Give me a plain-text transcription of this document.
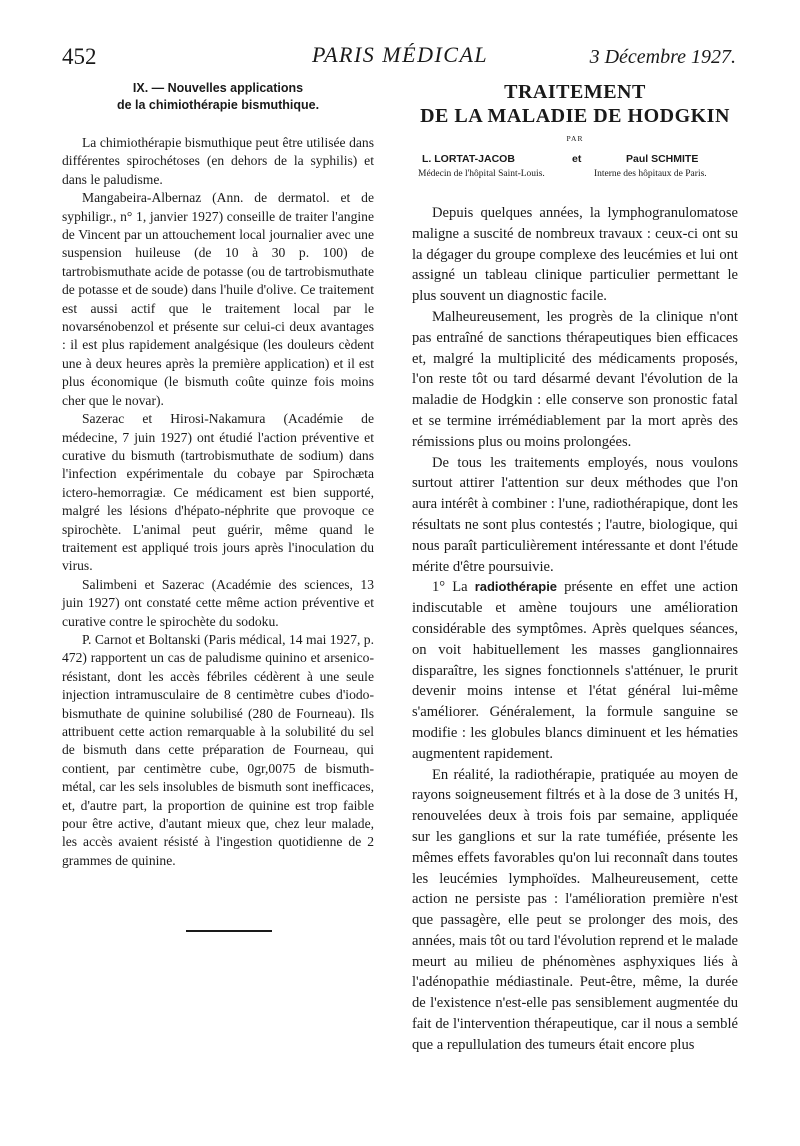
452	PARIS MÉDICAL	3 Décembre 1927.
IX. — Nouvelles applications
de la chimiothérapie bismuthique.

La chimiothérapie bismuthique peut être utilisée dans différentes spirochétoses (en dehors de la syphilis) et dans le paludisme.

Mangabeira-Albernaz (Ann. de dermatol. et de syphiligr., n° 1, janvier 1927) conseille de traiter l'angine de Vincent par un attouchement local journalier avec une suspension huileuse (de 10 à 30 p. 100) de tartrobismuthate acide de potasse (ou de tartrobismuthate de potasse et de soude) dans l'huile d'olive. Ce traitement est aussi actif que le traitement local par le novarsénobenzol et présente sur celui-ci deux avantages : il est plus rapidement analgésique (les douleurs cèdent une à deux heures après la première application) et il est plus économique (le bismuth coûte quinze fois moins cher que le novar).

Sazerac et Hirosi-Nakamura (Académie de médecine, 7 juin 1927) ont étudié l'action préventive et curative du bismuth (tartrobismuthate de sodium) dans l'infection expérimentale du cobaye par Spirochæta ictero-hemorragiæ. Ce médicament est bien supporté, malgré les lésions d'hépato-néphrite que provoque ce spirochète. L'animal peut guérir, même quand le traitement est appliqué trois jours après l'inoculation du virus.

Salimbeni et Sazerac (Académie des sciences, 13 juin 1927) ont constaté cette même action préventive et curative contre le spirochète du sodoku.

P. Carnot et Boltanski (Paris médical, 14 mai 1927, p. 472) rapportent un cas de paludisme quinino et arsenico-résistant, dont les accès fébriles cédèrent à une seule injection intramusculaire de 8 centimètre cubes d'iodo-bismuthate de quinine solubilisé (280 de Fourneau). Ils attribuent cette action remarquable à la solubilité du sel de bismuth dans cette préparation de Fourneau, qui contient, par centimètre cube, 0gr,0075 de bismuth-métal, car les sels insolubles de bismuth sont inefficaces, et, d'autre part, la proportion de quinine est trop faible pour être active, d'autant mieux que, chez leur malade, les accès avaient résisté à l'ingestion quotidienne de 2 grammes de quinine.

TRAITEMENT
DE LA MALADIE DE HODGKIN
PAR
L. LORTAT-JACOB	et	Paul SCHMITE
Médecin de l'hôpital Saint-Louis.	Interne des hôpitaux de Paris.

Depuis quelques années, la lymphogranulomatose maligne a suscité de nombreux travaux : ceux-ci ont su la dégager du groupe complexe des leucémies et lui ont assigné un tableau clinique particulier permettant le plus souvent un diagnostic facile.

Malheureusement, les progrès de la clinique n'ont pas entraîné de sanctions thérapeutiques bien efficaces et, malgré la multiplicité des médicaments proposés, l'on reste tôt ou tard désarmé devant l'évolution de la maladie de Hodgkin : elle conserve son pronostic fatal et se termine irrémédiablement par la mort après des rémissions plus ou moins prolongées.

De tous les traitements employés, nous voulons surtout attirer l'attention sur deux méthodes que l'on aura intérêt à combiner : l'une, radiothérapique, dont les résultats ne sont plus contestés ; l'autre, biologique, qui nous paraît particulièrement intéressante et dont l'étude mérite d'être poursuivie.

1° La radiothérapie présente en effet une action indiscutable et amène toujours une amélioration considérable des symptômes. Après quelques séances, on voit habituellement les masses ganglionnaires disparaître, les signes fonctionnels s'atténuer, le prurit devenir moins intense et l'état général lui-même s'améliorer. Généralement, la formule sanguine se modifie : les globules blancs diminuent et les hématies augmentent rapidement.

En réalité, la radiothérapie, pratiquée au moyen de rayons soigneusement filtrés et à la dose de 3 unités H, renouvelées deux à trois fois par semaine, appliquée sur les ganglions et sur la rate tuméfiée, présente les mêmes effets favorables qu'on lui reconnaît dans toutes les leucémies lymphoïdes. Malheureusement, cette action ne persiste pas : l'amélioration première n'est que passagère, elle peut se prolonger des mois, des années, mais tôt ou tard l'évolution reprend et le malade meurt au milieu de phénomènes asphyxiques liés à l'adénopathie médiastinale. Peut-être, même, la durée de l'existence n'est-elle pas sensiblement augmentée du fait de l'intervention thérapeutique, car il nous a semblé que a repullulation des tumeurs était encore plus
